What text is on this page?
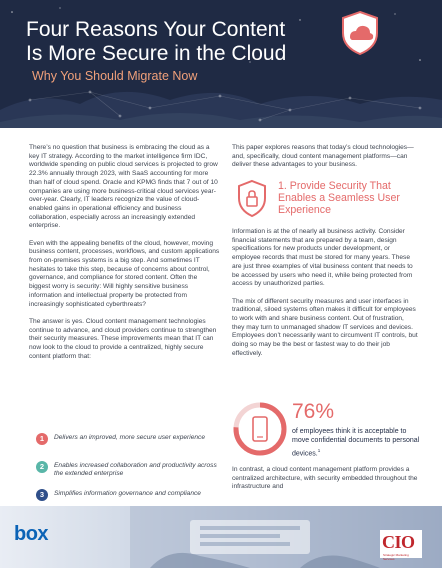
Four Reasons Your Content
Is More Secure in the Cloud
Why You Should Migrate Now

There’s no question that business is embracing the cloud as a key IT strategy. According to the market intelligence firm IDC, worldwide spending on public cloud services is projected to grow 22.3% annually through 2023, with SaaS accounting for more than half of cloud spend. Oracle and KPMG finds that 7 out of 10 companies are using more business-critical cloud services year-over-year. Clearly, IT leaders recognize the value of cloud-enabled gains in operational efficiency and business collaboration, especially across an increasingly extended enterprise.

Even with the appealing benefits of the cloud, however, moving business content, processes, workflows, and custom applications from on-premises systems is a big step. And sometimes IT hesitates to take this step, because of concerns about control, governance, and compliance for stored content. Often the biggest worry is security: Will highly sensitive business information and intellectual property be protected from increasingly sophisticated cyberthreats?

The answer is yes. Cloud content management technologies continue to advance, and cloud providers continue to strengthen their security measures. These improvements mean that IT can now look to the cloud to provide a centralized, highly secure content platform that:

1	Delivers an improved, more secure user experience
2	Enables increased collaboration and productivity across the extended enterprise
3	Simplifies information governance and compliance

This paper explores reasons that today’s cloud technologies—and, specifically, cloud content management platforms—can deliver these advantages to your business.

1. Provide Security That Enables a Seamless User Experience

Information is at the of nearly all business activity. Consider financial statements that are prepared by a team, design specifications for new products under development, or employee records that must be stored for many years. These are just three examples of vital business content that needs to be accessed by users who need it, while being protected from access by unauthorized parties.

The mix of different security measures and user interfaces in traditional, siloed systems often makes it difficult for employees to work with and share business content. Out of frustration, they may turn to unmanaged shadow IT services and devices. Employees don’t necessarily want to circumvent IT controls, but doing so may be the best or fastest way to do their job effectively.

76%
of employees think it is acceptable to move confidential documents to personal devices.$^1$

In contrast, a cloud content management platform provides a centralized architecture, with security embedded throughout the infrastructure and

box	CIO
Strategic Marketing Services
